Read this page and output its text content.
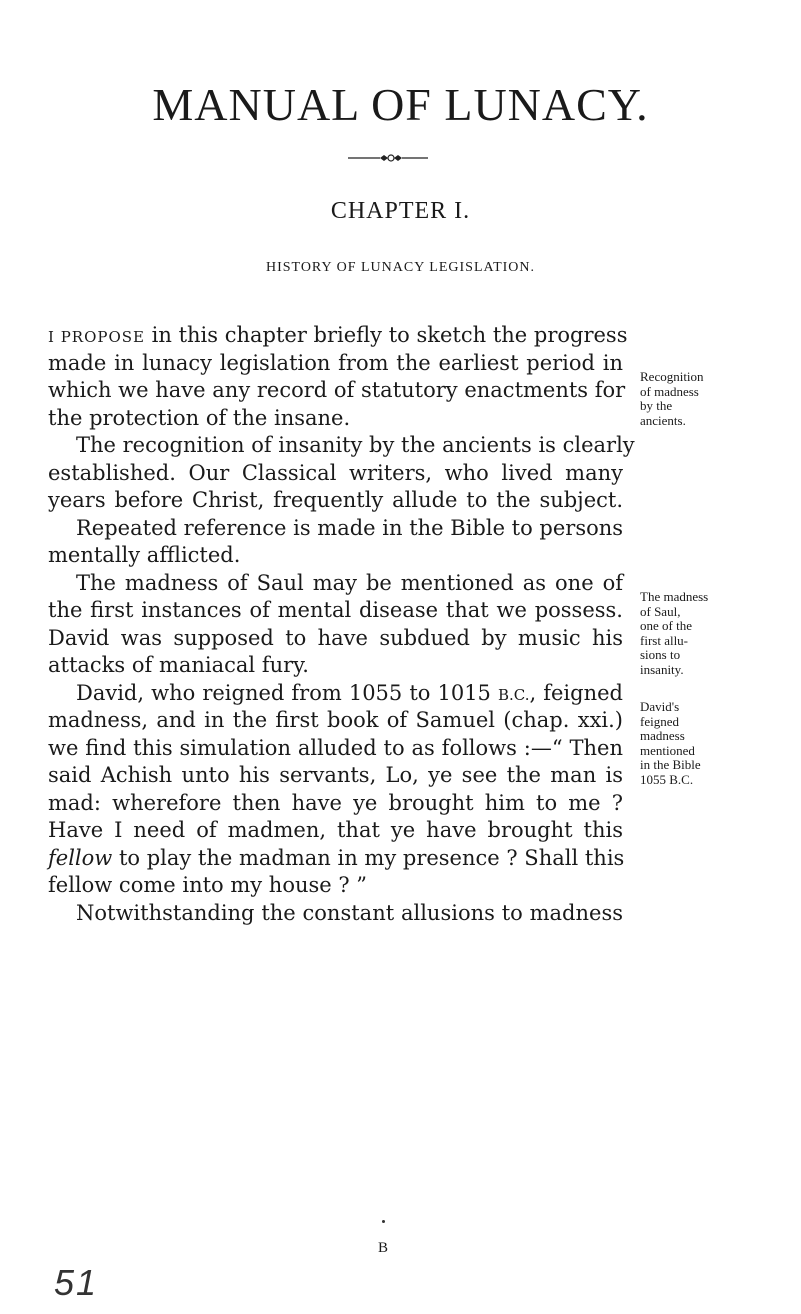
MANUAL OF LUNACY.
CHAPTER I.
HISTORY OF LUNACY LEGISLATION.
I PROPOSE in this chapter briefly to sketch the progress
made in lunacy legislation from the earliest period in
which we have any record of statutory enactments for
the protection of the insane.
The recognition of insanity by the ancients is clearly
established. Our Classical writers, who lived many
years before Christ, frequently allude to the subject.
Repeated reference is made in the Bible to persons
mentally afflicted.
The madness of Saul may be mentioned as one of
the first instances of mental disease that we possess.
David was supposed to have subdued by music his
attacks of maniacal fury.
David, who reigned from 1055 to 1015 B.C., feigned
madness, and in the first book of Samuel (chap. xxi.)
we find this simulation alluded to as follows :—“ Then
said Achish unto his servants, Lo, ye see the man is
mad: wherefore then have ye brought him to me ?
Have I need of madmen, that ye have brought this
fellow to play the madman in my presence ? Shall this
fellow come into my house ? ”
Notwithstanding the constant allusions to madness
Recognition
of madness
by the
ancients.
The madness
of Saul,
one of the
first allu-
sions to
insanity.
David's
feigned
madness
mentioned
in the Bible
1055 B.C.
B
51
